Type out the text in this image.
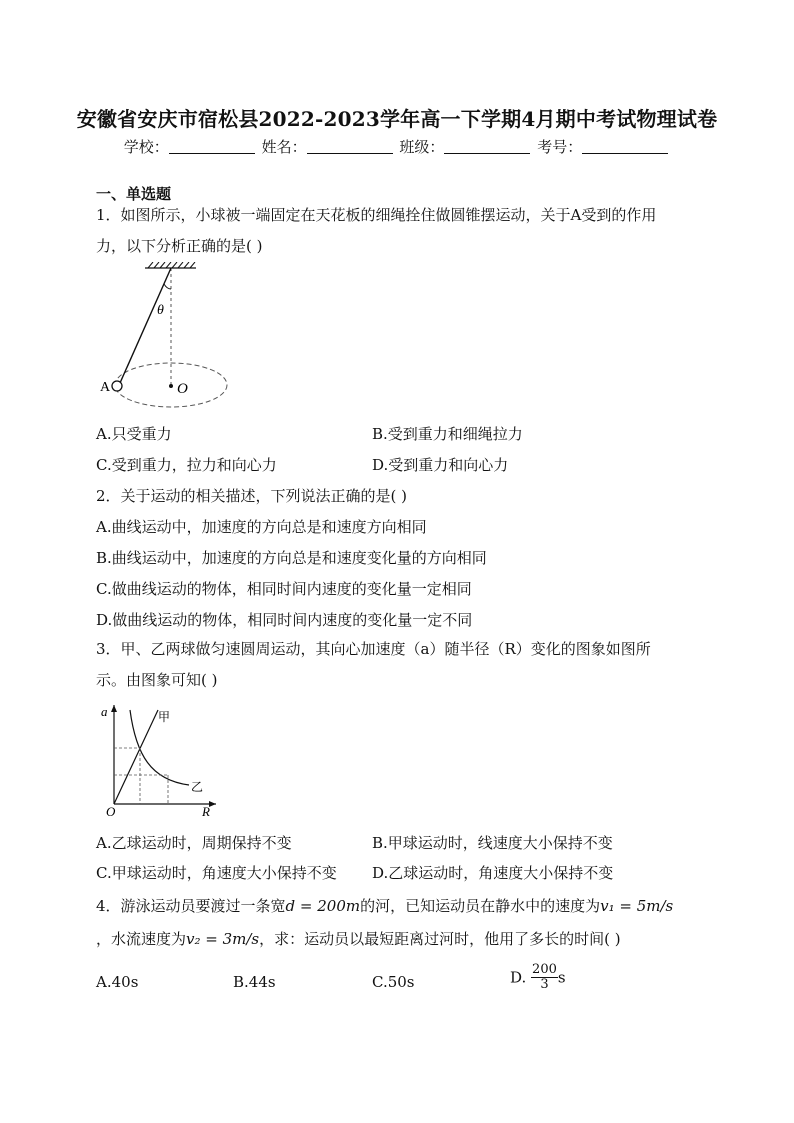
安徽省安庆市宿松县2022-2023学年高一下学期4月期中考试物理试卷
学校：	姓名：	班级：	考号：
一、单选题
1．如图所示，小球被一端固定在天花板的细绳拴住做圆锥摆运动，关于A受到的作用
力，以下分析正确的是( )
θ
A	O
A.只受重力	B.受到重力和细绳拉力
C.受到重力，拉力和向心力	D.受到重力和向心力
2．关于运动的相关描述，下列说法正确的是( )
A.曲线运动中，加速度的方向总是和速度方向相同
B.曲线运动中，加速度的方向总是和速度变化量的方向相同
C.做曲线运动的物体，相同时间内速度的变化量一定相同
D.做曲线运动的物体，相同时间内速度的变化量一定不同
3．甲、乙两球做匀速圆周运动，其向心加速度（a）随半径（R）变化的图象如图所
示。由图象可知( )
a
R
O
甲
乙
A.乙球运动时，周期保持不变	B.甲球运动时，线速度大小保持不变
C.甲球运动时，角速度大小保持不变 D.乙球运动时，角速度大小保持不变
4．游泳运动员要渡过一条宽d = 200m的河，已知运动员在静水中的速度为v₁ = 5m/s
，水流速度为v₂ = 3m/s，求：运动员以最短距离过河时，他用了多长的时间( )
A.40s	B.44s	C.50s	D. $\frac{200}{3}$ s
